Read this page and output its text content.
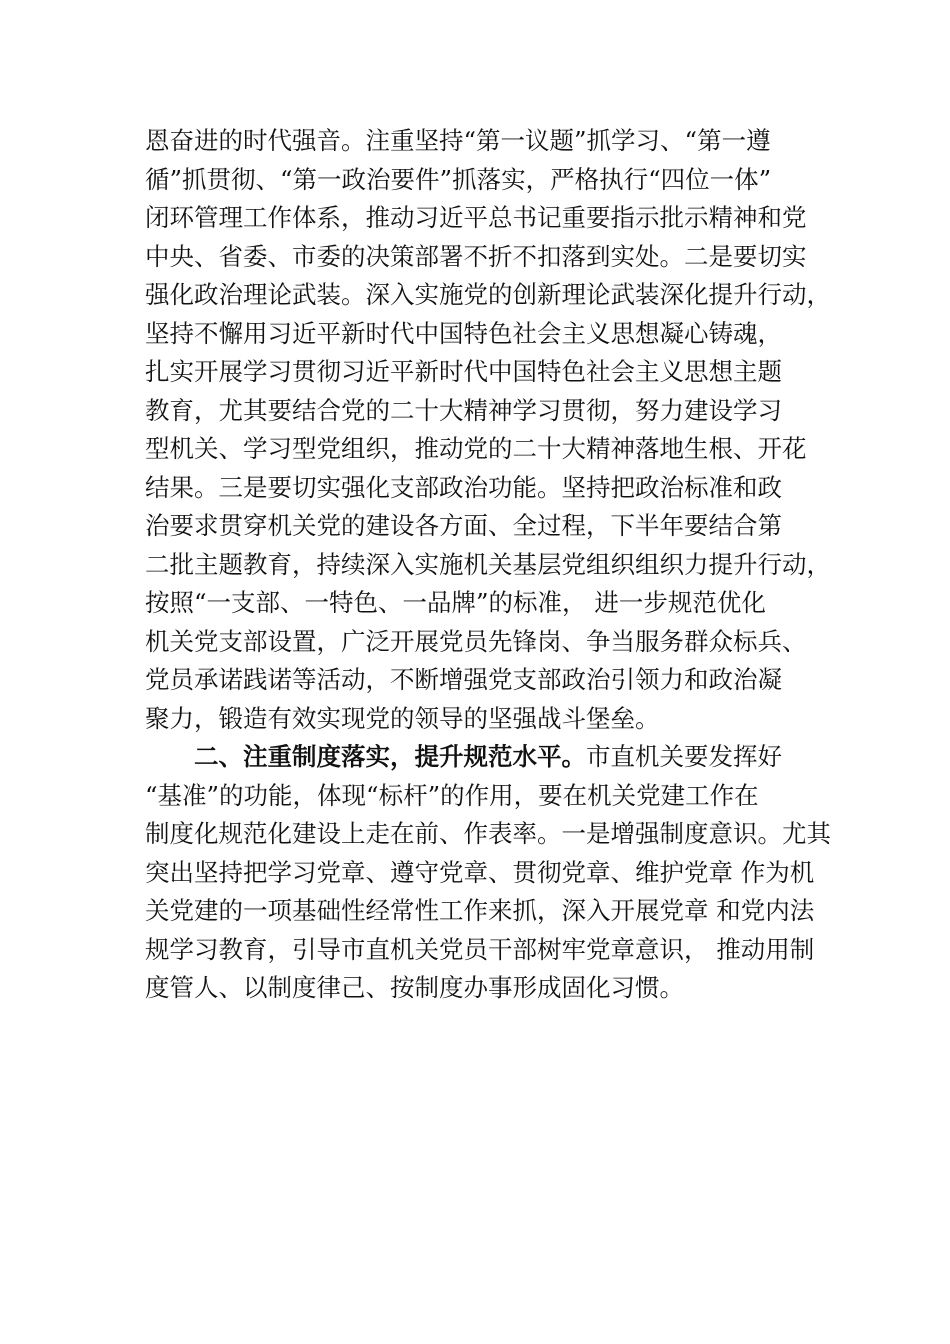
恩奋进的时代强音。注重坚持“第一议题”抓学习、“第一遵
循”抓贯彻、“第一政治要件”抓落实，严格执行“四位一体”
闭环管理工作体系，推动习近平总书记重要指示批示精神和党
中央、省委、市委的决策部署不折不扣落到实处。二是要切实
强化政治理论武装。深入实施党的创新理论武装深化提升行动，
坚持不懈用习近平新时代中国特色社会主义思想凝心铸魂，
扎实开展学习贯彻习近平新时代中国特色社会主义思想主题
教育，尤其要结合党的二十大精神学习贯彻，努力建设学习
型机关、学习型党组织，推动党的二十大精神落地生根、开花
结果。三是要切实强化支部政治功能。坚持把政治标准和政
治要求贯穿机关党的建设各方面、全过程，下半年要结合第
二批主题教育，持续深入实施机关基层党组织组织力提升行动，
按照“一支部、一特色、一品牌”的标准， 进一步规范优化
机关党支部设置，广泛开展党员先锋岗、争当服务群众标兵、
党员承诺践诺等活动，不断增强党支部政治引领力和政治凝
聚力，锻造有效实现党的领导的坚强战斗堡垒。
二、注重制度落实，提升规范水平。市直机关要发挥好
“基准”的功能，体现“标杆”的作用，要在机关党建工作在
制度化规范化建设上走在前、作表率。一是增强制度意识。尤其
突出坚持把学习党章、遵守党章、贯彻党章、维护党章 作为机
关党建的一项基础性经常性工作来抓，深入开展党章 和党内法
规学习教育，引导市直机关党员干部树牢党章意识， 推动用制
度管人、以制度律己、按制度办事形成固化习惯。
